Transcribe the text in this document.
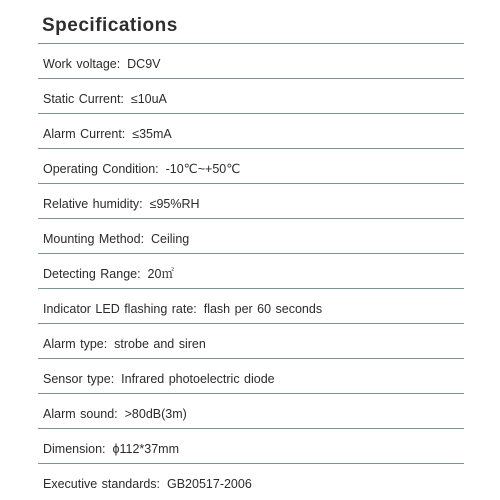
Specifications
Work voltage: DC9V
Static Current: ≤10uA
Alarm Current: ≤35mA
Operating Condition: -10℃~+50℃
Relative humidity: ≤95%RH
Mounting Method: Ceiling
Detecting Range: 20㎡
Indicator LED flashing rate: flash per 60 seconds
Alarm type: strobe and siren
Sensor type: Infrared photoelectric diode
Alarm sound: >80dB(3m)
Dimension: ϕ112*37mm
Executive standards: GB20517-2006
